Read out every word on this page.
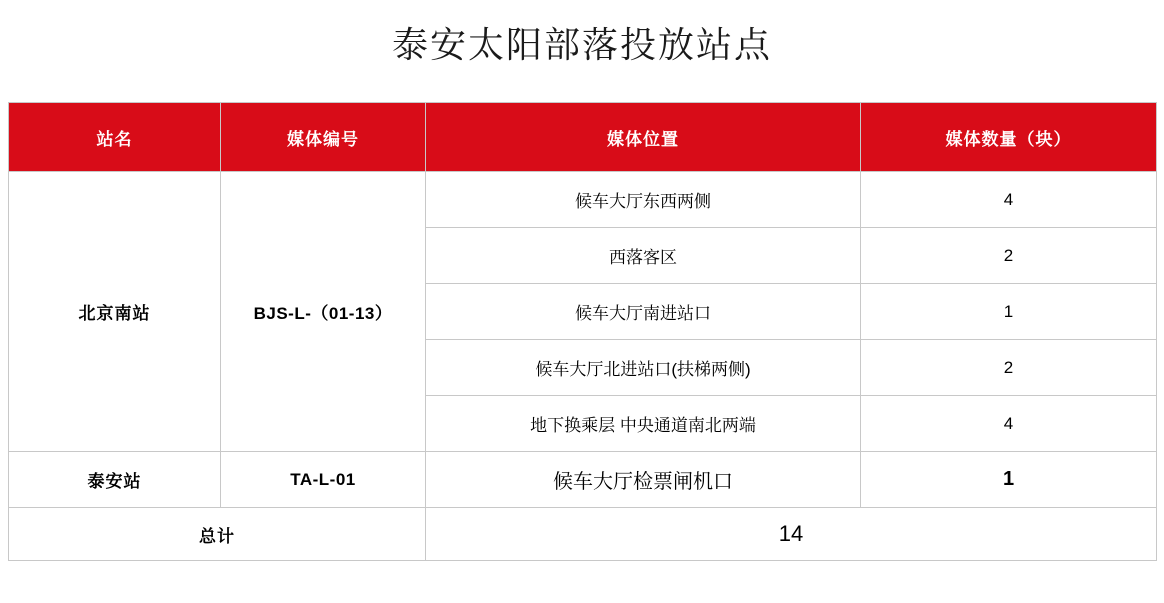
泰安太阳部落投放站点
站名	媒体编号	媒体位置	媒体数量（块）
北京南站	BJS-L-（01-13）	候车大厅东西两侧	4
		西落客区	2
		候车大厅南进站口	1
		候车大厅北进站口(扶梯两侧)	2
		地下换乘层 中央通道南北两端	4
泰安站	TA-L-01	候车大厅检票闸机口	1
总计		14	
